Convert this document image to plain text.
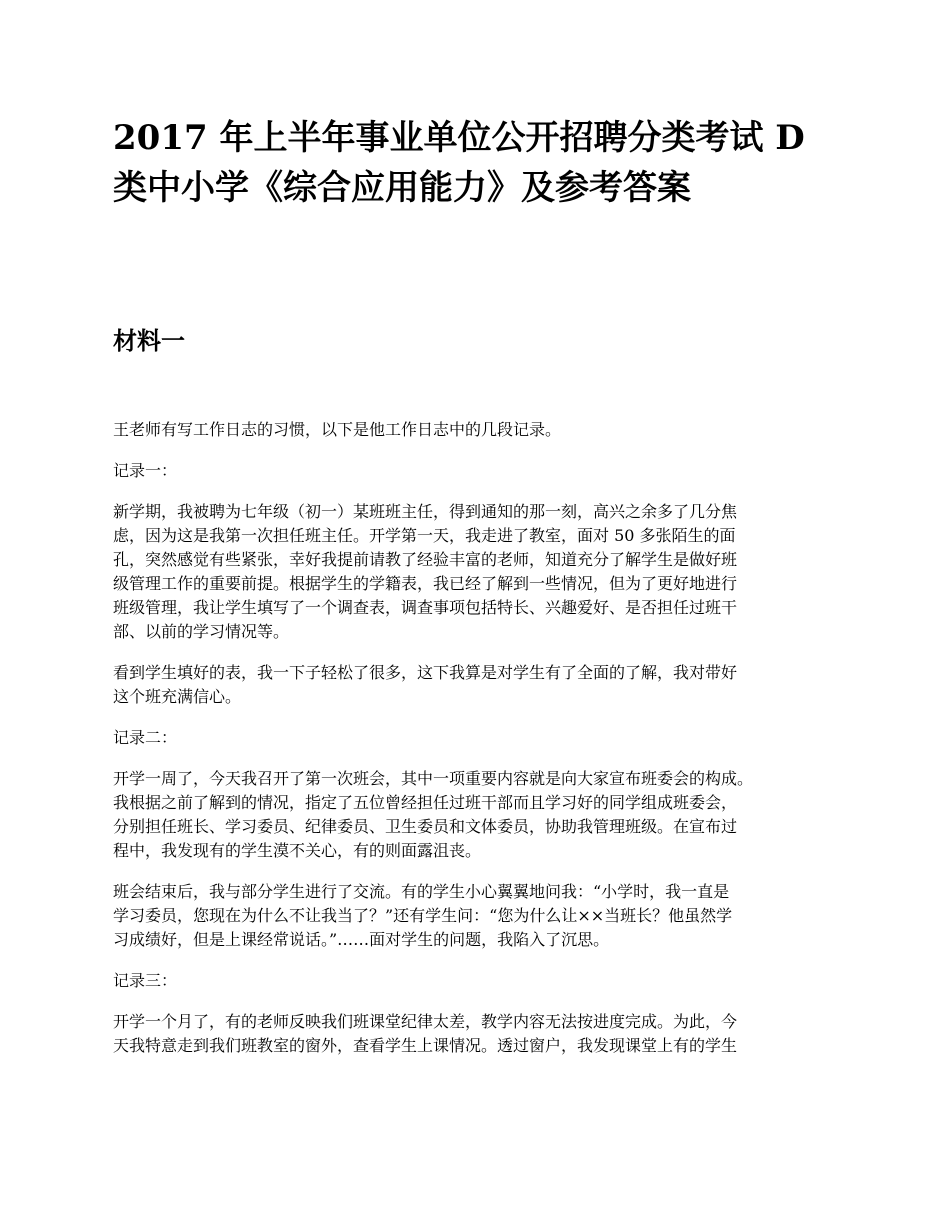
2017 年上半年事业单位公开招聘分类考试 D
类中小学《综合应用能力》及参考答案
材料一

王老师有写工作日志的习惯，以下是他工作日志中的几段记录。

记录一：

新学期，我被聘为七年级（初一）某班班主任，得到通知的那一刻，高兴之余多了几分焦
虑，因为这是我第一次担任班主任。开学第一天，我走进了教室，面对 50 多张陌生的面
孔，突然感觉有些紧张，幸好我提前请教了经验丰富的老师，知道充分了解学生是做好班
级管理工作的重要前提。根据学生的学籍表，我已经了解到一些情况，但为了更好地进行
班级管理，我让学生填写了一个调查表，调查事项包括特长、兴趣爱好、是否担任过班干
部、以前的学习情况等。

看到学生填好的表，我一下子轻松了很多，这下我算是对学生有了全面的了解，我对带好
这个班充满信心。

记录二：

开学一周了，今天我召开了第一次班会，其中一项重要内容就是向大家宣布班委会的构成。
我根据之前了解到的情况，指定了五位曾经担任过班干部而且学习好的同学组成班委会，
分别担任班长、学习委员、纪律委员、卫生委员和文体委员，协助我管理班级。在宣布过
程中，我发现有的学生漠不关心，有的则面露沮丧。

班会结束后，我与部分学生进行了交流。有的学生小心翼翼地问我：“小学时，我一直是
学习委员，您现在为什么不让我当了？”还有学生问：“您为什么让××当班长？他虽然学
习成绩好，但是上课经常说话。”……面对学生的问题，我陷入了沉思。

记录三：

开学一个月了，有的老师反映我们班课堂纪律太差，教学内容无法按进度完成。为此，今
天我特意走到我们班教室的窗外，查看学生上课情况。透过窗户，我发现课堂上有的学生
